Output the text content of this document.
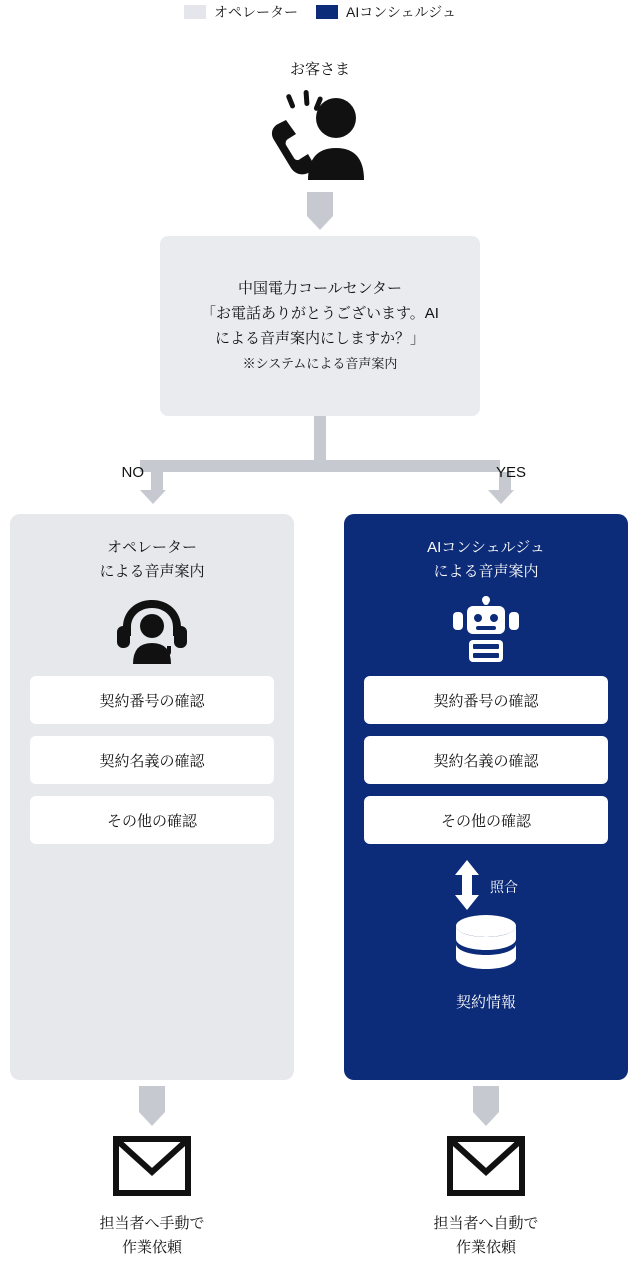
オペレーター	AIコンシェルジュ
お客さま
中国電力コールセンター
「お電話ありがとうございます。AI
による音声案内にしますか？」
※システムによる音声案内
NO	YES
オペレーター
による音声案内
契約番号の確認
契約名義の確認
その他の確認
AIコンシェルジュ
による音声案内
契約番号の確認
契約名義の確認
その他の確認
照合
契約情報
担当者へ手動で
作業依頼
担当者へ自動で
作業依頼
